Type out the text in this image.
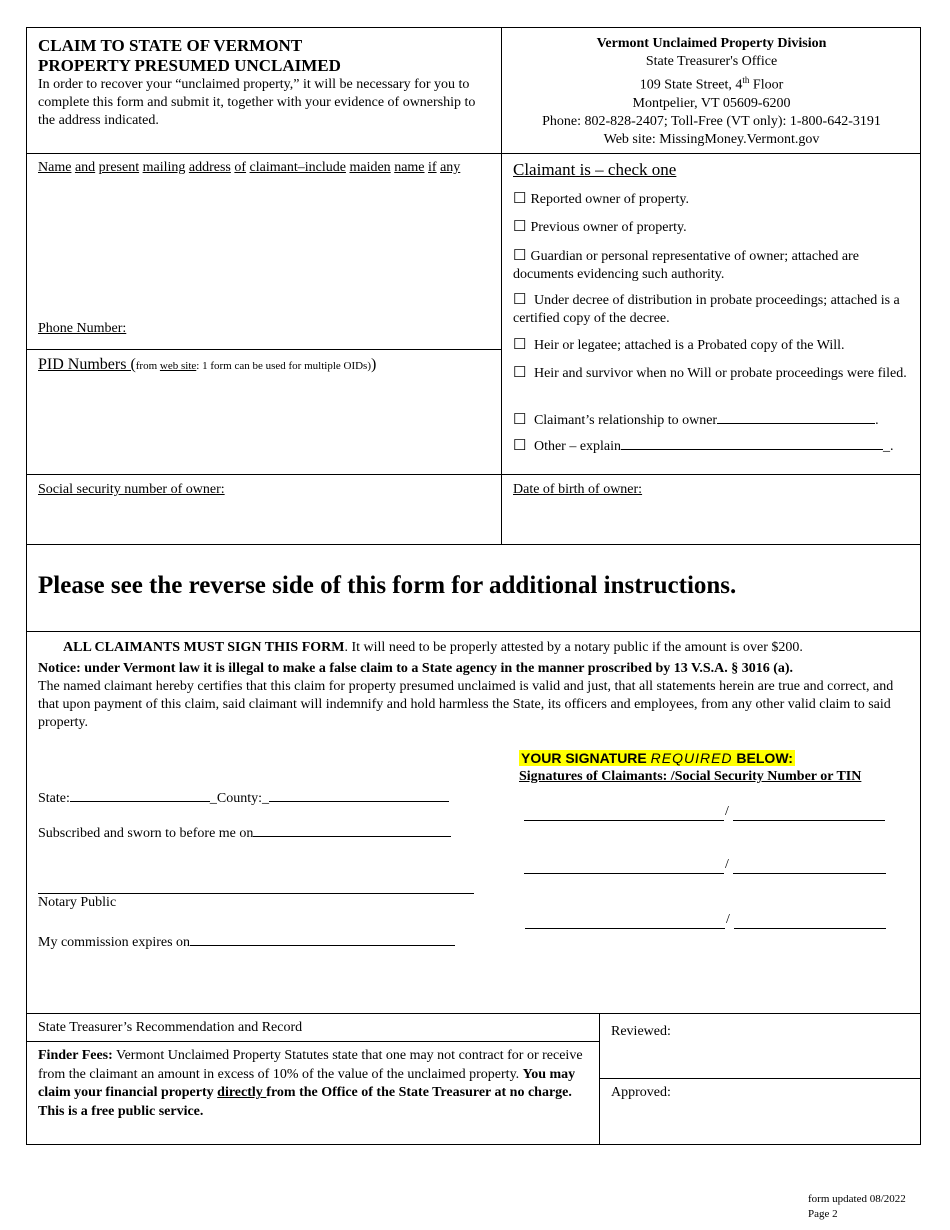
CLAIM TO STATE OF VERMONT
PROPERTY PRESUMED UNCLAIMED
In order to recover your “unclaimed property,” it will be necessary for you to complete this form and submit it, together with your evidence of ownership to the address indicated.
Vermont Unclaimed Property Division
State Treasurer's Office
109 State Street, 4th Floor
Montpelier, VT 05609-6200
Phone: 802-828-2407; Toll-Free (VT only): 1-800-642-3191
Web site: MissingMoney.Vermont.gov
Name and present mailing address of claimant–include maiden name if any
Phone Number:
PID Numbers (from web site: 1 form can be used for multiple OIDs))
Claimant is – check one
☐ Reported owner of property.
☐ Previous owner of property.
☐ Guardian or personal representative of owner; attached are documents evidencing such authority.
☐ Under decree of distribution in probate proceedings; attached is a certified copy of the decree.
☐ Heir or legatee; attached is a Probated copy of the Will.
☐ Heir and survivor when no Will or probate proceedings were filed.
☐ Claimant’s relationship to owner	.
☐ Other – explain	_.
Social security number of owner:	Date of birth of owner:
Please see the reverse side of this form for additional instructions.
ALL CLAIMANTS MUST SIGN THIS FORM. It will need to be properly attested by a notary public if the amount is over $200.
Notice: under Vermont law it is illegal to make a false claim to a State agency in the manner proscribed by 13 V.S.A. § 3016 (a).
The named claimant hereby certifies that this claim for property presumed unclaimed is valid and just, that all statements herein are true and correct, and that upon payment of this claim, said claimant will indemnify and hold harmless the State, its officers and employees, from any other valid claim to said property.
YOUR SIGNATURE REQUIRED BELOW:
Signatures of Claimants: /Social Security Number or TIN
/
/
/
State:	_County:_
Subscribed and sworn to before me on
Notary Public
My commission expires on
State Treasurer’s Recommendation and Record
Finder Fees: Vermont Unclaimed Property Statutes state that one may not contract for or receive from the claimant an amount in excess of 10% of the value of the unclaimed property. You may claim your financial property directly from the Office of the State Treasurer at no charge. This is a free public service.
Reviewed:
Approved:
form updated 08/2022
Page 2
